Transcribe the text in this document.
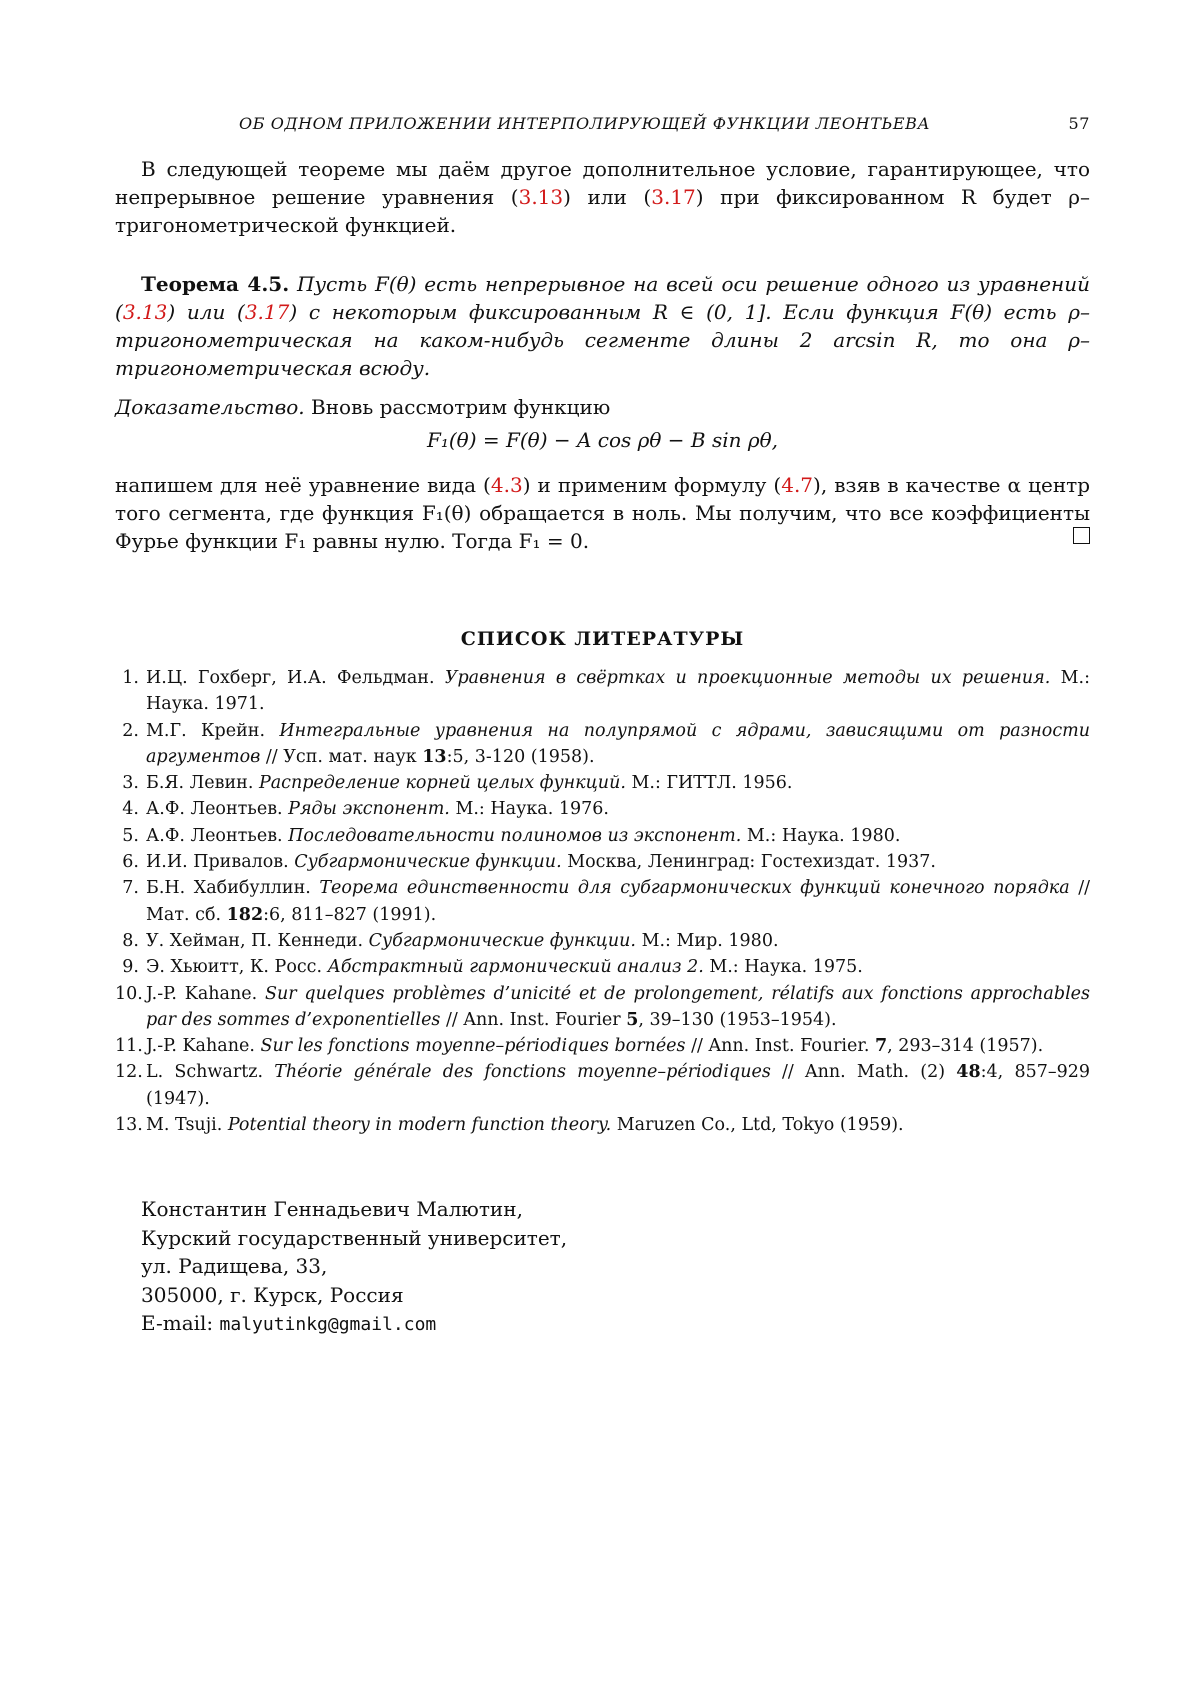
ОБ ОДНОМ ПРИЛОЖЕНИИ ИНТЕРПОЛИРУЮЩЕЙ ФУНКЦИИ ЛЕОНТЬЕВА	57

В следующей теореме мы даём другое дополнительное условие, гарантирующее, что непрерывное решение уравнения (3.13) или (3.17) при фиксированном R будет ρ–тригонометрической функцией.

Теорема 4.5. Пусть F(θ) есть непрерывное на всей оси решение одного из уравнений (3.13) или (3.17) с некоторым фиксированным R ∈ (0, 1]. Если функция F(θ) есть ρ–тригонометрическая на каком-нибудь сегменте длины 2 arcsin R, то она ρ–тригонометрическая всюду.

Доказательство. Вновь рассмотрим функцию

F₁(θ) = F(θ) − A cos ρθ − B sin ρθ,

напишем для неё уравнение вида (4.3) и применим формулу (4.7), взяв в качестве α центр того сегмента, где функция F₁(θ) обращается в ноль. Мы получим, что все коэффициенты Фурье функции F₁ равны нулю. Тогда F₁ = 0.

СПИСОК ЛИТЕРАТУРЫ
1. И.Ц. Гохберг, И.А. Фельдман. Уравнения в свёртках и проекционные методы их решения. М.: Наука. 1971.
2. М.Г. Крейн. Интегральные уравнения на полупрямой с ядрами, зависящими от разности аргументов // Усп. мат. наук 13:5, 3-120 (1958).
3. Б.Я. Левин. Распределение корней целых функций. М.: ГИТТЛ. 1956.
4. А.Ф. Леонтьев. Ряды экспонент. М.: Наука. 1976.
5. А.Ф. Леонтьев. Последовательности полиномов из экспонент. М.: Наука. 1980.
6. И.И. Привалов. Субгармонические функции. Москва, Ленинград: Гостехиздат. 1937.
7. Б.Н. Хабибуллин. Теорема единственности для субгармонических функций конечного порядка // Мат. сб. 182:6, 811–827 (1991).
8. У. Хейман, П. Кеннеди. Субгармонические функции. М.: Мир. 1980.
9. Э. Хьюитт, К. Росс. Абстрактный гармонический анализ 2. М.: Наука. 1975.
10. J.-P. Kahane. Sur quelques problèmes d’unicité et de prolongement, rélatifs aux fonctions approchables par des sommes d’exponentielles // Ann. Inst. Fourier 5, 39–130 (1953–1954).
11. J.-P. Kahane. Sur les fonctions moyenne–périodiques bornées // Ann. Inst. Fourier. 7, 293–314 (1957).
12. L. Schwartz. Théorie générale des fonctions moyenne–périodiques // Ann. Math. (2) 48:4, 857–929 (1947).
13. M. Tsuji. Potential theory in modern function theory. Maruzen Co., Ltd, Tokyo (1959).
Константин Геннадьевич Малютин,
Курский государственный университет,
ул. Радищева, 33,
305000, г. Курск, Россия
E-mail: malyutinkg@gmail.com
